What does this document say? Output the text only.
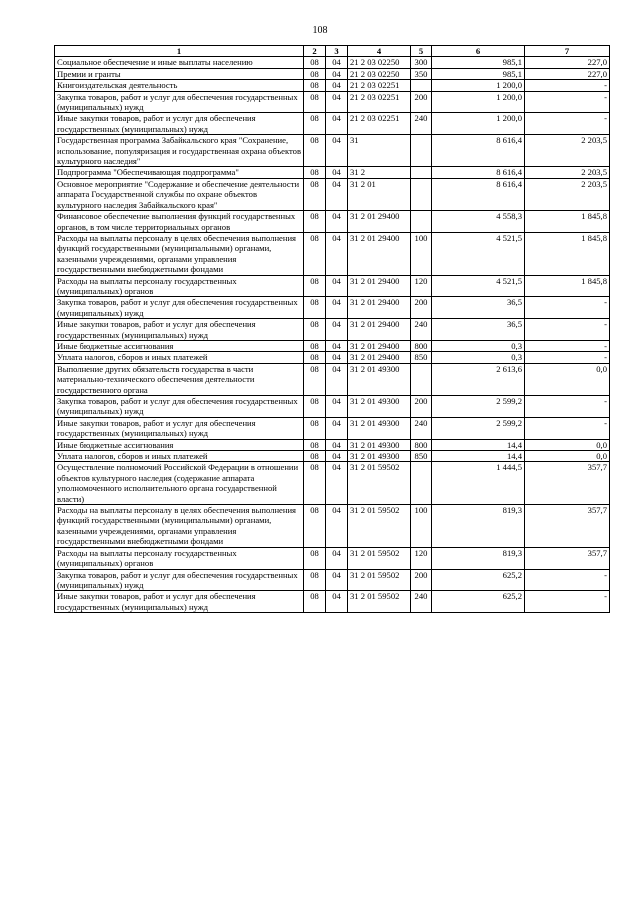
108
1	2	3	4	5	6	7
Социальное обеспечение и иные выплаты населению	08	04	21 2 03 02250	300	985,1	227,0
Премии и гранты	08	04	21 2 03 02250	350	985,1	227,0
Книгоиздательская деятельность	08	04	21 2 03 02251		1 200,0	-
Закупка товаров, работ и услуг для обеспечения государственных (муниципальных) нужд	08	04	21 2 03 02251	200	1 200,0	-
Иные закупки товаров, работ и услуг для обеспечения государственных (муниципальных) нужд	08	04	21 2 03 02251	240	1 200,0	-
Государственная программа Забайкальского края "Сохранение, использование, популяризация и государственная охрана объектов культурного наследия"	08	04	31		8 616,4	2 203,5
Подпрограмма "Обеспечивающая подпрограмма"	08	04	31 2		8 616,4	2 203,5
Основное мероприятие "Содержание и обеспечение деятельности аппарата Государственной службы по охране объектов культурного наследия Забайкальского края"	08	04	31 2 01		8 616,4	2 203,5
Финансовое обеспечение выполнения функций государственных органов, в том числе территориальных органов	08	04	31 2 01 29400		4 558,3	1 845,8
Расходы на выплаты персоналу в целях обеспечения выполнения функций государственными (муниципальными) органами, казенными учреждениями, органами управления государственными внебюджетными фондами	08	04	31 2 01 29400	100	4 521,5	1 845,8
Расходы на выплаты персоналу государственных (муниципальных) органов	08	04	31 2 01 29400	120	4 521,5	1 845,8
Закупка товаров, работ и услуг для обеспечения государственных (муниципальных) нужд	08	04	31 2 01 29400	200	36,5	-
Иные закупки товаров, работ и услуг для обеспечения государственных (муниципальных) нужд	08	04	31 2 01 29400	240	36,5	-
Иные бюджетные ассигнования	08	04	31 2 01 29400	800	0,3	-
Уплата налогов, сборов и иных платежей	08	04	31 2 01 29400	850	0,3	-
Выполнение других обязательств государства в части материально-технического обеспечения деятельности государственного органа	08	04	31 2 01 49300		2 613,6	0,0
Закупка товаров, работ и услуг для обеспечения государственных (муниципальных) нужд	08	04	31 2 01 49300	200	2 599,2	-
Иные закупки товаров, работ и услуг для обеспечения государственных (муниципальных) нужд	08	04	31 2 01 49300	240	2 599,2	-
Иные бюджетные ассигнования	08	04	31 2 01 49300	800	14,4	0,0
Уплата налогов, сборов и иных платежей	08	04	31 2 01 49300	850	14,4	0,0
Осуществление полномочий Российской Федерации в отношении объектов культурного наследия (содержание аппарата уполномоченного исполнительного органа государственной власти)	08	04	31 2 01 59502		1 444,5	357,7
Расходы на выплаты персоналу в целях обеспечения выполнения функций государственными (муниципальными) органами, казенными учреждениями, органами управления государственными внебюджетными фондами	08	04	31 2 01 59502	100	819,3	357,7
Расходы на выплаты персоналу государственных (муниципальных) органов	08	04	31 2 01 59502	120	819,3	357,7
Закупка товаров, работ и услуг для обеспечения государственных (муниципальных) нужд	08	04	31 2 01 59502	200	625,2	-
Иные закупки товаров, работ и услуг для обеспечения государственных (муниципальных) нужд	08	04	31 2 01 59502	240	625,2	-
